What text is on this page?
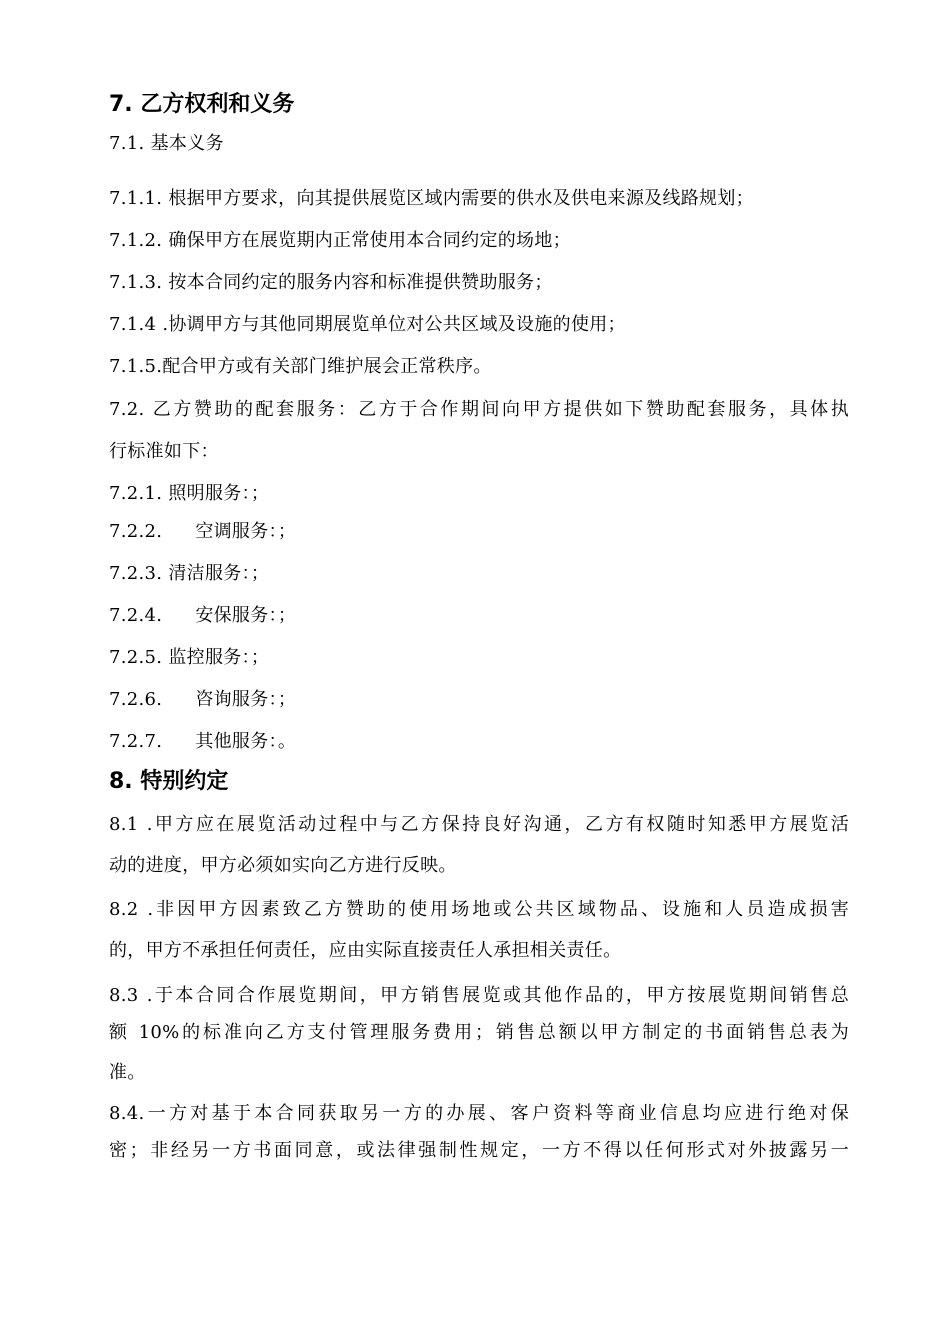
7. 乙方权利和义务
7.1. 基本义务
7.1.1. 根据甲方要求，向其提供展览区域内需要的供水及供电来源及线路规划；
7.1.2. 确保甲方在展览期内正常使用本合同约定的场地；
7.1.3. 按本合同约定的服务内容和标准提供赞助服务；
7.1.4 .协调甲方与其他同期展览单位对公共区域及设施的使用；
7.1.5.配合甲方或有关部门维护展会正常秩序。
7.2. 乙方赞助的配套服务：乙方于合作期间向甲方提供如下赞助配套服务，具体执
行标准如下：
7.2.1. 照明服务：；
7.2.2. 空调服务：；
7.2.3. 清洁服务：；
7.2.4. 安保服务：；
7.2.5. 监控服务：；
7.2.6. 咨询服务：；
7.2.7. 其他服务：。
8. 特别约定
8.1 .甲方应在展览活动过程中与乙方保持良好沟通，乙方有权随时知悉甲方展览活
动的进度，甲方必须如实向乙方进行反映。
8.2 .非因甲方因素致乙方赞助的使用场地或公共区域物品、设施和人员造成损害
的，甲方不承担任何责任，应由实际直接责任人承担相关责任。
8.3 .于本合同合作展览期间，甲方销售展览或其他作品的，甲方按展览期间销售总
额 10%的标准向乙方支付管理服务费用；销售总额以甲方制定的书面销售总表为
准。
8.4.一方对基于本合同获取另一方的办展、客户资料等商业信息均应进行绝对保
密；非经另一方书面同意，或法律强制性规定，一方不得以任何形式对外披露另一
